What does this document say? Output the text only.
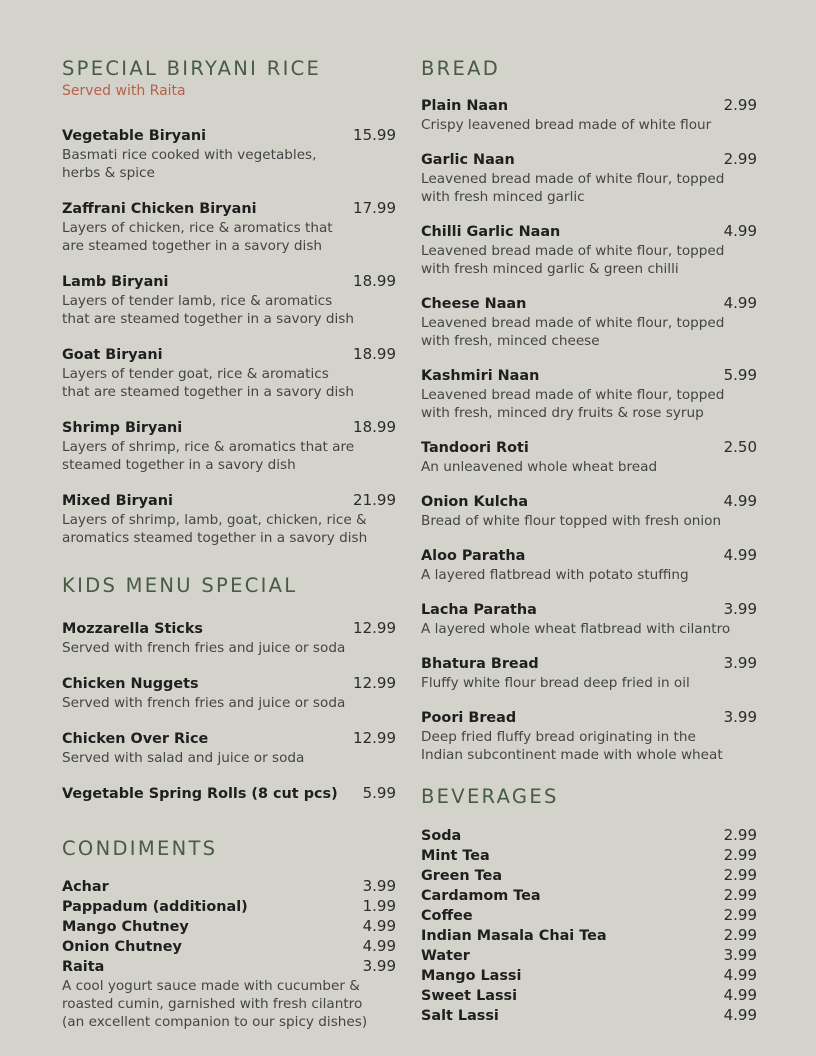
SPECIAL BIRYANI RICE
Served with Raita
Vegetable Biryani	15.99
Basmati rice cooked with vegetables,
herbs & spice
Zaffrani Chicken Biryani	17.99
Layers of chicken, rice & aromatics that
are steamed together in a savory dish
Lamb Biryani	18.99
Layers of tender lamb, rice & aromatics
that are steamed together in a savory dish
Goat Biryani	18.99
Layers of tender goat, rice & aromatics
that are steamed together in a savory dish
Shrimp Biryani	18.99
Layers of shrimp, rice & aromatics that are
steamed together in a savory dish
Mixed Biryani	21.99
Layers of shrimp, lamb, goat, chicken, rice &
aromatics steamed together in a savory dish
KIDS MENU SPECIAL
Mozzarella Sticks	12.99
Served with french fries and juice or soda
Chicken Nuggets	12.99
Served with french fries and juice or soda
Chicken Over Rice	12.99
Served with salad and juice or soda
Vegetable Spring Rolls (8 cut pcs) 5.99
CONDIMENTS
Achar	3.99
Pappadum (additional)	1.99
Mango Chutney	4.99
Onion Chutney	4.99
Raita	3.99
A cool yogurt sauce made with cucumber &
roasted cumin, garnished with fresh cilantro
(an excellent companion to our spicy dishes)
BREAD
Plain Naan	2.99
Crispy leavened bread made of white flour
Garlic Naan	2.99
Leavened bread made of white flour, topped
with fresh minced garlic
Chilli Garlic Naan	4.99
Leavened bread made of white flour, topped
with fresh minced garlic & green chilli
Cheese Naan	4.99
Leavened bread made of white flour, topped
with fresh, minced cheese
Kashmiri Naan	5.99
Leavened bread made of white flour, topped
with fresh, minced dry fruits & rose syrup
Tandoori Roti	2.50
An unleavened whole wheat bread
Onion Kulcha	4.99
Bread of white flour topped with fresh onion
Aloo Paratha	4.99
A layered flatbread with potato stuffing
Lacha Paratha	3.99
A layered whole wheat flatbread with cilantro
Bhatura Bread	3.99
Fluffy white flour bread deep fried in oil
Poori Bread	3.99
Deep fried fluffy bread originating in the
Indian subcontinent made with whole wheat
BEVERAGES
Soda	2.99
Mint Tea	2.99
Green Tea	2.99
Cardamom Tea	2.99
Coffee	2.99
Indian Masala Chai Tea	2.99
Water	3.99
Mango Lassi	4.99
Sweet Lassi	4.99
Salt Lassi	4.99
